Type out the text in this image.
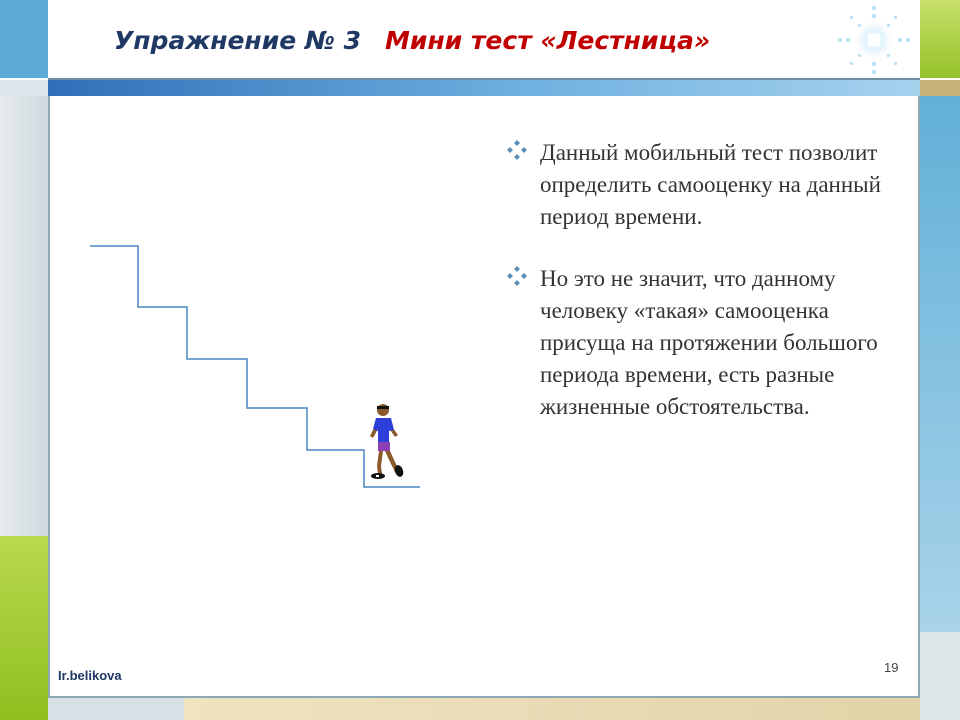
Упражнение № 3 Мини тест «Лестница»
Данный мобильный тест позволит определить самооценку на данный период времени.
Но это не значит, что данному человеку «такая» самооценка присуща на протяжении большого периода времени, есть разные жизненные обстоятельства.
Ir.belikova
19
